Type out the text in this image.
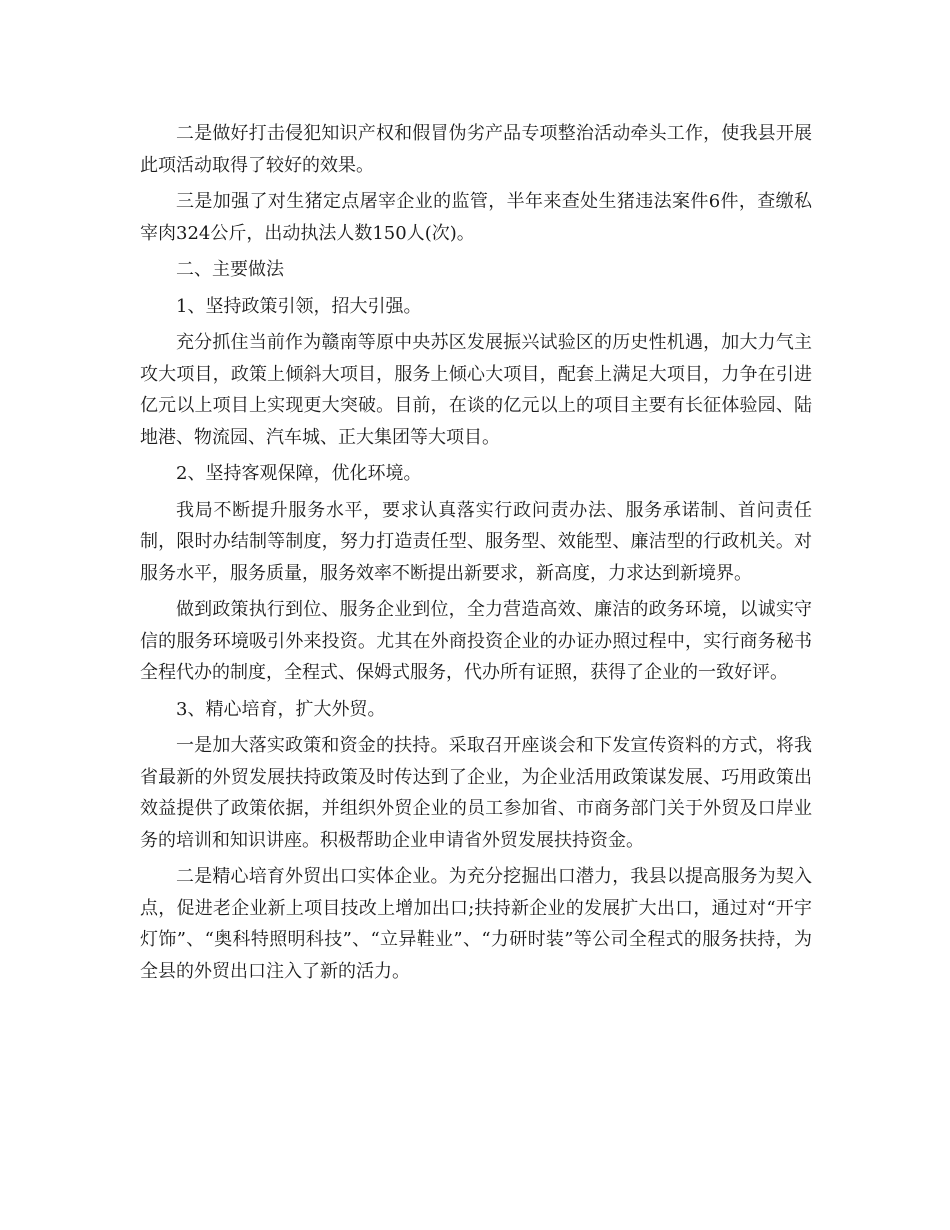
二是做好打击侵犯知识产权和假冒伪劣产品专项整治活动牵头工作，使我县开展此项活动取得了较好的效果。

三是加强了对生猪定点屠宰企业的监管，半年来查处生猪违法案件6件，查缴私宰肉324公斤，出动执法人数150人(次)。

二、主要做法

1、坚持政策引领，招大引强。

充分抓住当前作为赣南等原中央苏区发展振兴试验区的历史性机遇，加大力气主攻大项目，政策上倾斜大项目，服务上倾心大项目，配套上满足大项目，力争在引进亿元以上项目上实现更大突破。目前，在谈的亿元以上的项目主要有长征体验园、陆地港、物流园、汽车城、正大集团等大项目。

2、坚持客观保障，优化环境。

我局不断提升服务水平，要求认真落实行政问责办法、服务承诺制、首问责任制，限时办结制等制度，努力打造责任型、服务型、效能型、廉洁型的行政机关。对服务水平，服务质量，服务效率不断提出新要求，新高度，力求达到新境界。

做到政策执行到位、服务企业到位，全力营造高效、廉洁的政务环境，以诚实守信的服务环境吸引外来投资。尤其在外商投资企业的办证办照过程中，实行商务秘书全程代办的制度，全程式、保姆式服务，代办所有证照，获得了企业的一致好评。

3、精心培育，扩大外贸。

一是加大落实政策和资金的扶持。采取召开座谈会和下发宣传资料的方式，将我省最新的外贸发展扶持政策及时传达到了企业，为企业活用政策谋发展、巧用政策出效益提供了政策依据，并组织外贸企业的员工参加省、市商务部门关于外贸及口岸业务的培训和知识讲座。积极帮助企业申请省外贸发展扶持资金。

二是精心培育外贸出口实体企业。为充分挖掘出口潜力，我县以提高服务为契入点，促进老企业新上项目技改上增加出口;扶持新企业的发展扩大出口，通过对“开宇灯饰”、“奥科特照明科技”、“立异鞋业”、“力研时装”等公司全程式的服务扶持，为全县的外贸出口注入了新的活力。
